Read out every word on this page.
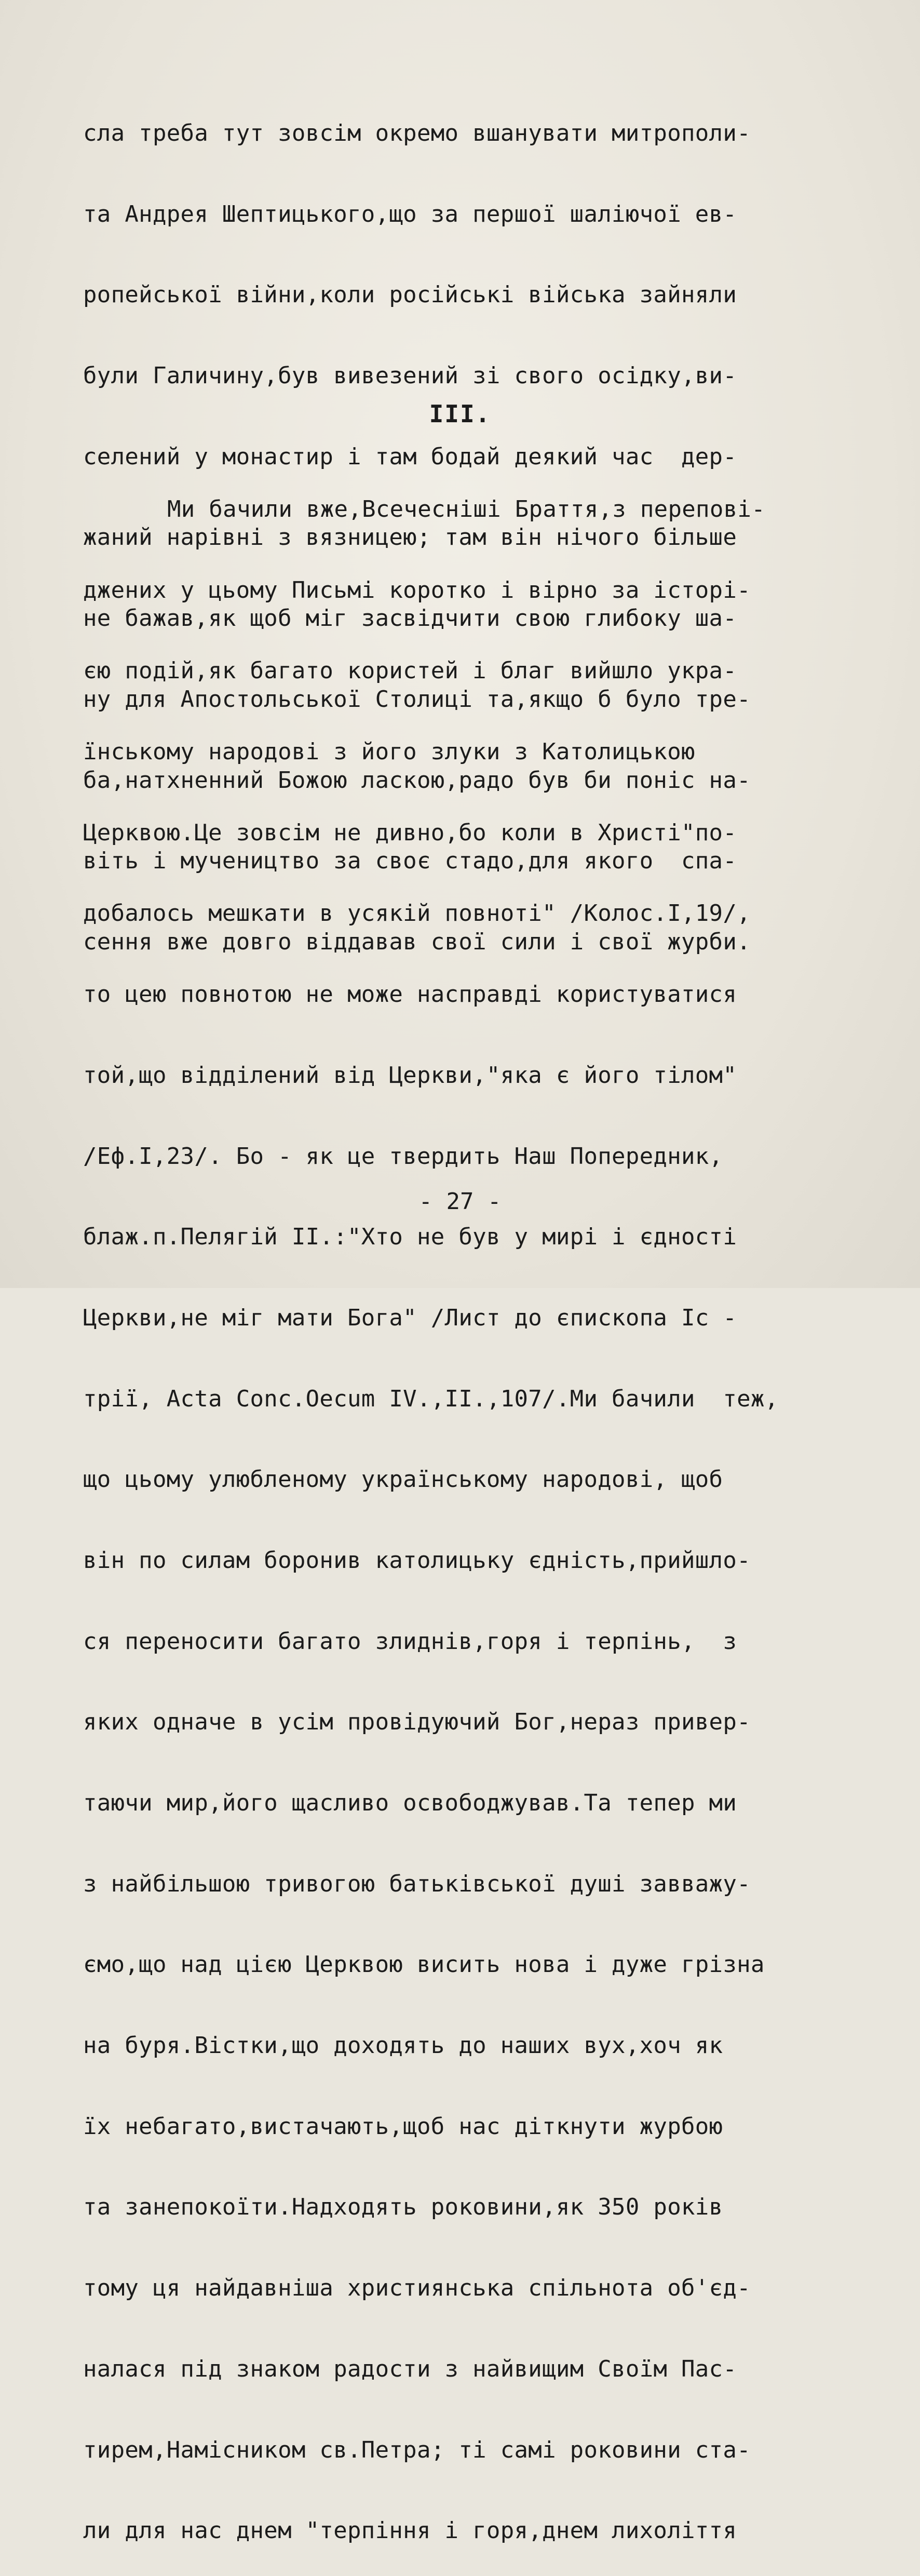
сла треба тут зовсім окремо вшанувати митрополи-

та Андрея Шептицького,що за першої шаліючої ев-

ропейської війни,коли російські війська зайняли

були Галичину,був вивезений зі свого осідку,ви-

селений у монастир і там бодай деякий час  дер-

жаний нарівні з вязницею; там він нічого більше

не бажав,як щоб міг засвідчити свою глибоку ша-

ну для Апостольської Столиці та,якщо б було тре-

ба,натхненний Божою ласкою,радо був би поніс на-

віть і мучеництво за своє стадо,для якого  спа-

сення вже довго віддавав свої сили і свої журби.

ІІІ.

Ми бачили вже,Всечесніші Браття,з перепові-

джених у цьому Письмі коротко і вірно за історі-

єю подій,як багато користей і благ вийшло укра-

їнському народові з його злуки з Католицькою

Церквою.Це зовсім не дивно,бо коли в Христі"по-

добалось мешкати в усякій повноті" /Колос.І,19/,

то цею повнотою не може насправді користуватися

той,що відділений від Церкви,"яка є його тілом"

/Еф.І,23/. Бо - як це твердить Наш Попередник,

блаж.п.Пелягій ІІ.:"Хто не був у мирі і єдності

Церкви,не міг мати Бога" /Лист до єпископа Іс -

трії, Acta Conc.Oecum IV.,II.,107/.Ми бачили  теж,

що цьому улюбленому українському народові, щоб

він по силам боронив католицьку єдність,прийшло-

ся переносити багато злиднів,горя і терпінь,  з

яких одначе в усім провідуючий Бог,нераз привер-

таючи мир,його щасливо освободжував.Та тепер ми

з найбільшою тривогою батьківської душі завважу-

ємо,що над цією Церквою висить нова і дуже грізна

на буря.Вістки,що доходять до наших вух,хоч як

їх небагато,вистачають,щоб нас діткнути журбою

та занепокоїти.Надходять роковини,як 350 років

тому ця найдавніша християнська спільнота об'єд-

налася під знаком радости з найвищим Своїм Пас-

тирем,Намісником св.Петра; ті самі роковини ста-

ли для нас днем "терпіння і горя,днем лихоліття

- 27 -
